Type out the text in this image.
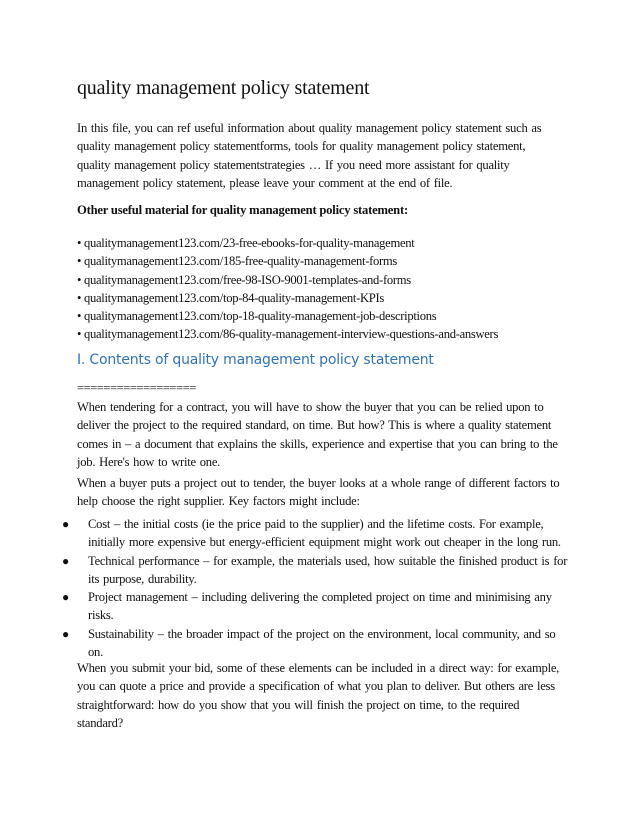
quality management policy statement

In this file, you can ref useful information about quality management policy statement such as

quality management policy statementforms, tools for quality management policy statement,

quality management policy statementstrategies … If you need more assistant for quality

management policy statement, please leave your comment at the end of file.

Other useful material for quality management policy statement:
• qualitymanagement123.com/23-free-ebooks-for-quality-management
• qualitymanagement123.com/185-free-quality-management-forms
• qualitymanagement123.com/free-98-ISO-9001-templates-and-forms
• qualitymanagement123.com/top-84-quality-management-KPIs
• qualitymanagement123.com/top-18-quality-management-job-descriptions
• qualitymanagement123.com/86-quality-management-interview-questions-and-answers
I. Contents of quality management policy statement
==================

When tendering for a contract, you will have to show the buyer that you can be relied upon to

deliver the project to the required standard, on time. But how? This is where a quality statement

comes in – a document that explains the skills, experience and expertise that you can bring to the

job. Here's how to write one.

When a buyer puts a project out to tender, the buyer looks at a whole range of different factors to

help choose the right supplier. Key factors might include:

● Cost – the initial costs (ie the price paid to the supplier) and the lifetime costs. For example, initially more expensive but energy-efficient equipment might work out cheaper in the long run.
● Technical performance – for example, the materials used, how suitable the finished product is for its purpose, durability.
● Project management – including delivering the completed project on time and minimising any risks.
● Sustainability – the broader impact of the project on the environment, local community, and so on.

When you submit your bid, some of these elements can be included in a direct way: for example,

you can quote a price and provide a specification of what you plan to deliver. But others are less

straightforward: how do you show that you will finish the project on time, to the required

standard?
